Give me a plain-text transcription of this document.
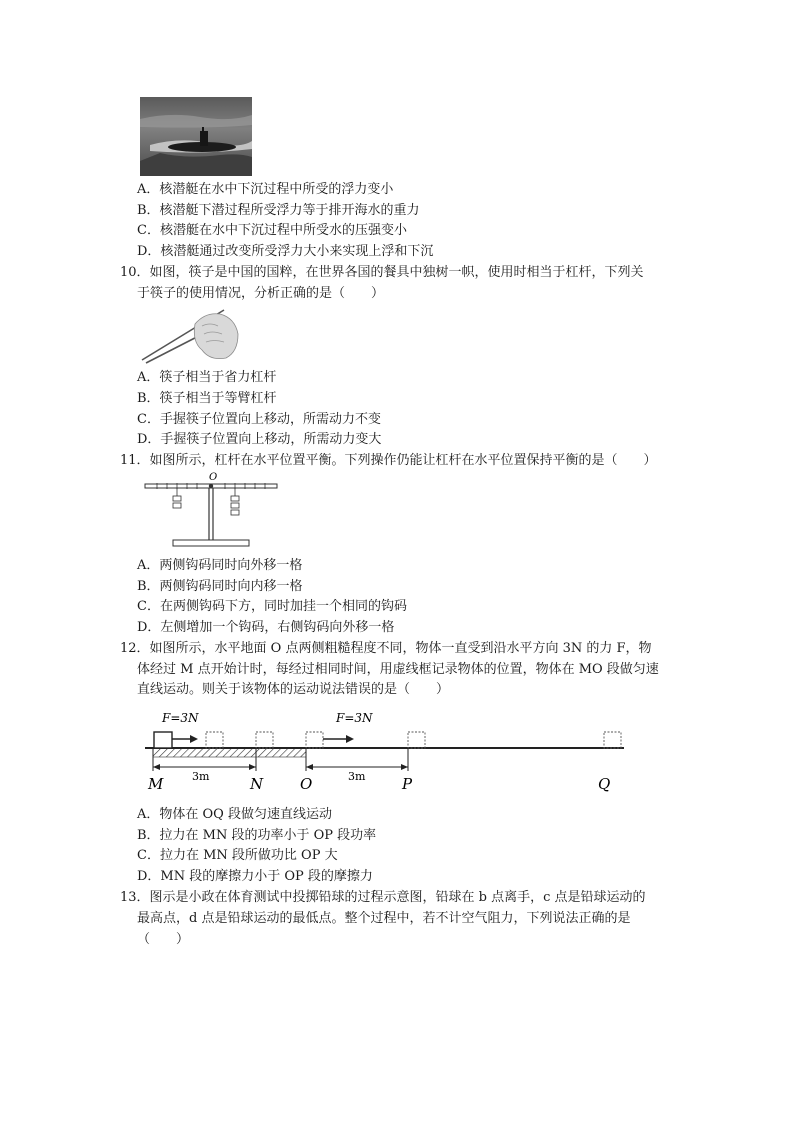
A．核潜艇在水中下沉过程中所受的浮力变小
B．核潜艇下潜过程所受浮力等于排开海水的重力
C．核潜艇在水中下沉过程中所受水的压强变小
D．核潜艇通过改变所受浮力大小来实现上浮和下沉
10．如图，筷子是中国的国粹，在世界各国的餐具中独树一帜，使用时相当于杠杆，下列关
于筷子的使用情况，分析正确的是（　　）
A．筷子相当于省力杠杆
B．筷子相当于等臂杠杆
C．手握筷子位置向上移动，所需动力不变
D．手握筷子位置向上移动，所需动力变大
11．如图所示，杠杆在水平位置平衡。下列操作仍能让杠杆在水平位置保持平衡的是（　　）
O
A．两侧钩码同时向外移一格
B．两侧钩码同时向内移一格
C．在两侧钩码下方，同时加挂一个相同的钩码
D．左侧增加一个钩码，右侧钩码向外移一格
12．如图所示，水平地面 O 点两侧粗糙程度不同，物体一直受到沿水平方向 3N 的力 F，物
体经过 M 点开始计时，每经过相同时间，用虚线框记录物体的位置，物体在 MO 段做匀速
直线运动。则关于该物体的运动说法错误的是（　　）
F=3N	F=3N
3m	3m
M	N O	P	Q
A．物体在 OQ 段做匀速直线运动
B．拉力在 MN 段的功率小于 OP 段功率
C．拉力在 MN 段所做功比 OP 大
D．MN 段的摩擦力小于 OP 段的摩擦力
13．图示是小政在体育测试中投掷铅球的过程示意图，铅球在 b 点离手，c 点是铅球运动的
最高点，d 点是铅球运动的最低点。整个过程中，若不计空气阻力，下列说法正确的是
（　　）
